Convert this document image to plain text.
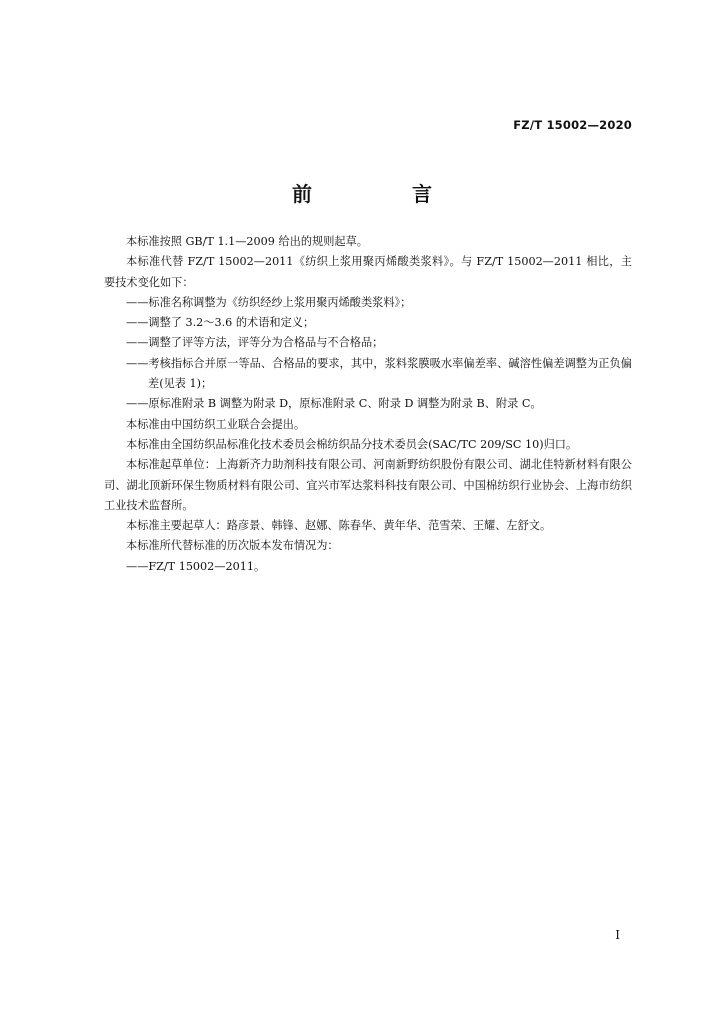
FZ/T 15002—2020
前　言

本标准按照 GB/T 1.1—2009 给出的规则起草。

本标准代替 FZ/T 15002—2011《纺织上浆用聚丙烯酸类浆料》。与 FZ/T 15002—2011 相比，主要技术变化如下：

——标准名称调整为《纺织经纱上浆用聚丙烯酸类浆料》；

——调整了 3.2～3.6 的术语和定义；

——调整了评等方法，评等分为合格品与不合格品；

——考核指标合并原一等品、合格品的要求，其中，浆料浆膜吸水率偏差率、碱溶性偏差调整为正负偏差(见表 1)；

——原标准附录 B 调整为附录 D，原标准附录 C、附录 D 调整为附录 B、附录 C。

本标准由中国纺织工业联合会提出。

本标准由全国纺织品标准化技术委员会棉纺织品分技术委员会(SAC/TC 209/SC 10)归口。

本标准起草单位：上海新齐力助剂科技有限公司、河南新野纺织股份有限公司、湖北佳特新材料有限公司、湖北顶新环保生物质材料有限公司、宜兴市军达浆料科技有限公司、中国棉纺织行业协会、上海市纺织工业技术监督所。

本标准主要起草人：路彦景、韩锋、赵娜、陈春华、黄年华、范雪荣、王耀、左舒文。

本标准所代替标准的历次版本发布情况为：

——FZ/T 15002—2011。

I
